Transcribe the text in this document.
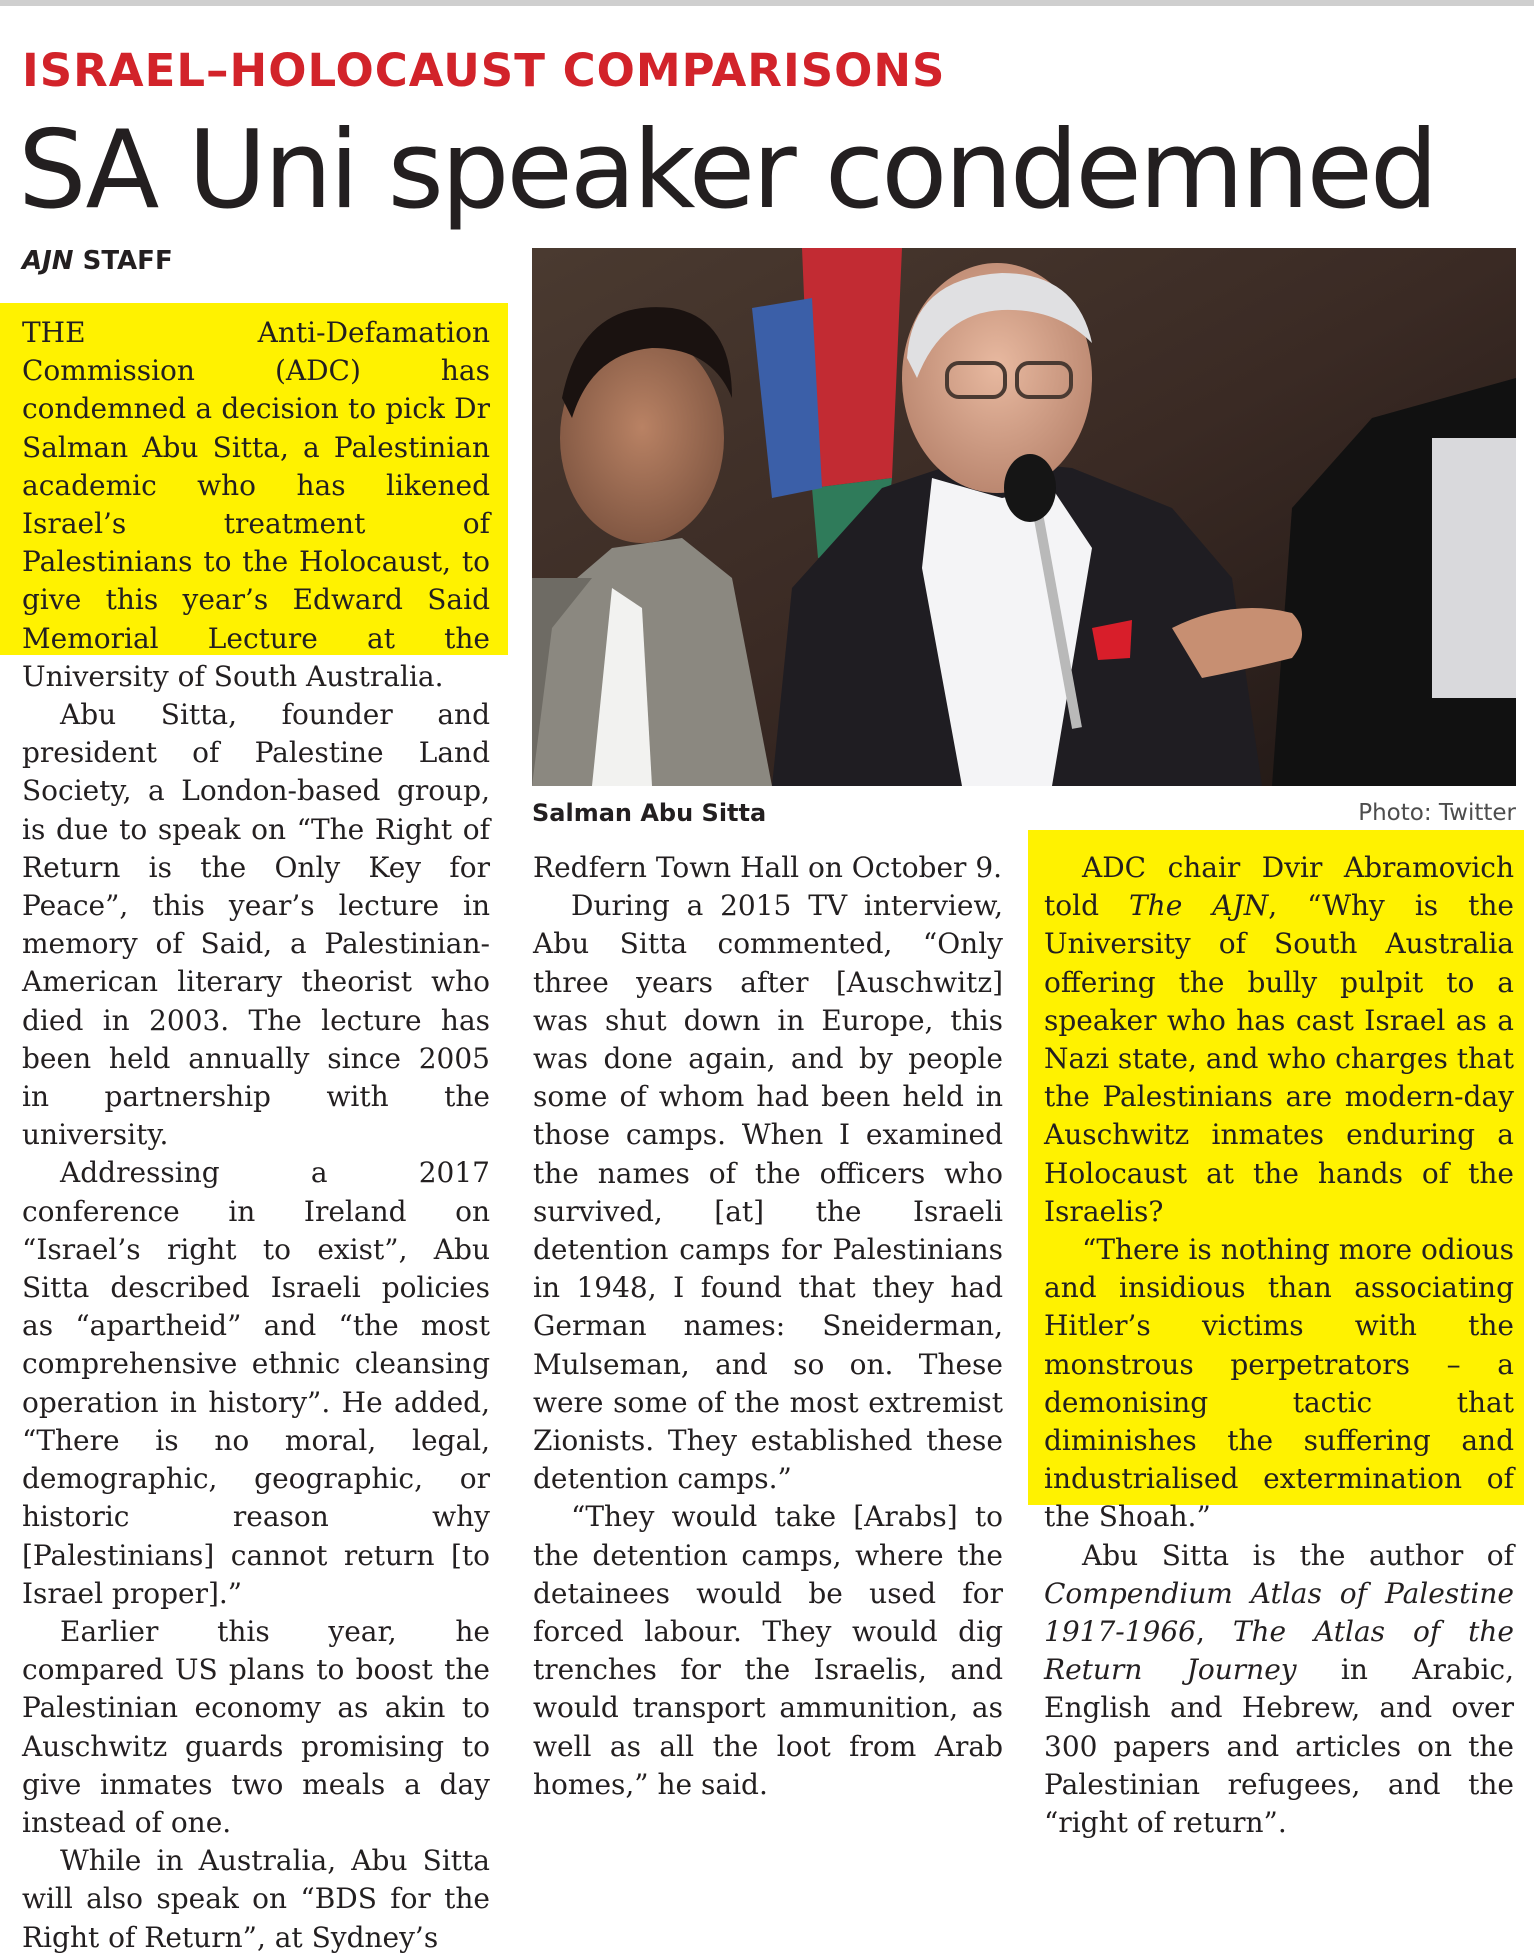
ISRAEL–HOLOCAUST COMPARISONS
SA Uni speaker condemned
AJN STAFF
Salman Abu Sitta	Photo: Twitter

THE Anti-Defamation Commission (ADC) has condemned a decision to pick Dr Salman Abu Sitta, a Palestinian academic who has likened Israel’s treatment of Palestinians to the Holocaust, to give this year’s Edward Said Memorial Lecture at the University of South Australia.

Abu Sitta, founder and president of Palestine Land Society, a London-based group, is due to speak on “The Right of Return is the Only Key for Peace”, this year’s lecture in memory of Said, a Palestinian-American literary theorist who died in 2003. The lecture has been held annually since 2005 in partnership with the university.

Addressing a 2017 conference in Ireland on “Israel’s right to exist”, Abu Sitta described Israeli policies as “apartheid” and “the most comprehensive ethnic cleansing operation in history”. He added, “There is no moral, legal, demographic, geographic, or historic reason why [Palestinians] cannot return [to Israel proper].”

Earlier this year, he compared US plans to boost the Palestinian economy as akin to Auschwitz guards promising to give inmates two meals a day instead of one.

While in Australia, Abu Sitta will also speak on “BDS for the Right of Return”, at Sydney’s

Redfern Town Hall on October 9.

During a 2015 TV interview, Abu Sitta commented, “Only three years after [Auschwitz] was shut down in Europe, this was done again, and by people some of whom had been held in those camps. When I examined the names of the officers who survived, [at] the Israeli detention camps for Palestinians in 1948, I found that they had German names: Sneiderman, Mulseman, and so on. These were some of the most extremist Zionists. They established these detention camps.”

“They would take [Arabs] to the detention camps, where the detainees would be used for forced labour. They would dig trenches for the Israelis, and would transport ammunition, as well as all the loot from Arab homes,” he said.

ADC chair Dvir Abramovich told The AJN, “Why is the University of South Australia offering the bully pulpit to a speaker who has cast Israel as a Nazi state, and who charges that the Palestinians are modern-day Auschwitz inmates enduring a Holocaust at the hands of the Israelis?

“There is nothing more odious and insidious than associating Hitler’s victims with the monstrous perpetrators – a demonising tactic that diminishes the suffering and industrialised extermination of the Shoah.”

Abu Sitta is the author of Compendium Atlas of Palestine 1917-1966, The Atlas of the Return Journey in Arabic, English and Hebrew, and over 300 papers and articles on the Palestinian refugees, and the “right of return”.
